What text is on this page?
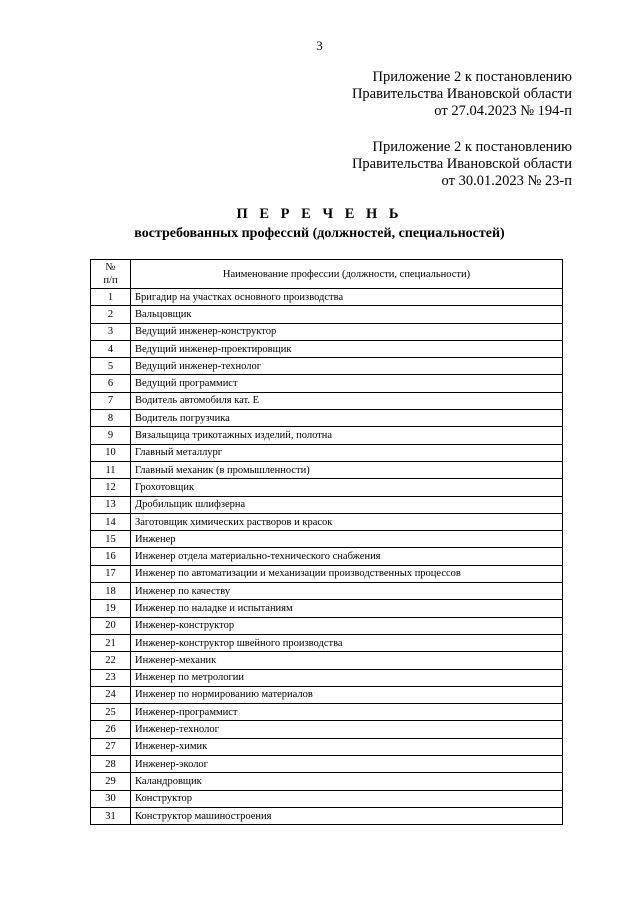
3
Приложение 2 к постановлению
Правительства Ивановской области
от 27.04.2023 № 194-п
Приложение 2 к постановлению
Правительства Ивановской области
от 30.01.2023 № 23-п
П Е Р Е Ч Е Н Ь
востребованных профессий (должностей, специальностей)
№
п/п	Наименование профессии (должности, специальности)
1	Бригадир на участках основного производства
2	Вальцовщик
3	Ведущий инженер-конструктор
4	Ведущий инженер-проектировщик
5	Ведущий инженер-технолог
6	Ведущий программист
7	Водитель автомобиля кат. Е
8	Водитель погрузчика
9	Вязальщица трикотажных изделий, полотна
10	Главный металлург
11	Главный механик (в промышленности)
12	Грохотовщик
13	Дробильщик шлифзерна
14	Заготовщик химических растворов и красок
15	Инженер
16	Инженер отдела материально-технического снабжения
17	Инженер по автоматизации и механизации производственных процессов
18	Инженер по качеству
19	Инженер по наладке и испытаниям
20	Инженер-конструктор
21	Инженер-конструктор швейного производства
22	Инженер-механик
23	Инженер по метрологии
24	Инженер по нормированию материалов
25	Инженер-программист
26	Инженер-технолог
27	Инженер-химик
28	Инженер-эколог
29	Каландровщик
30	Конструктор
31	Конструктор машиностроения
